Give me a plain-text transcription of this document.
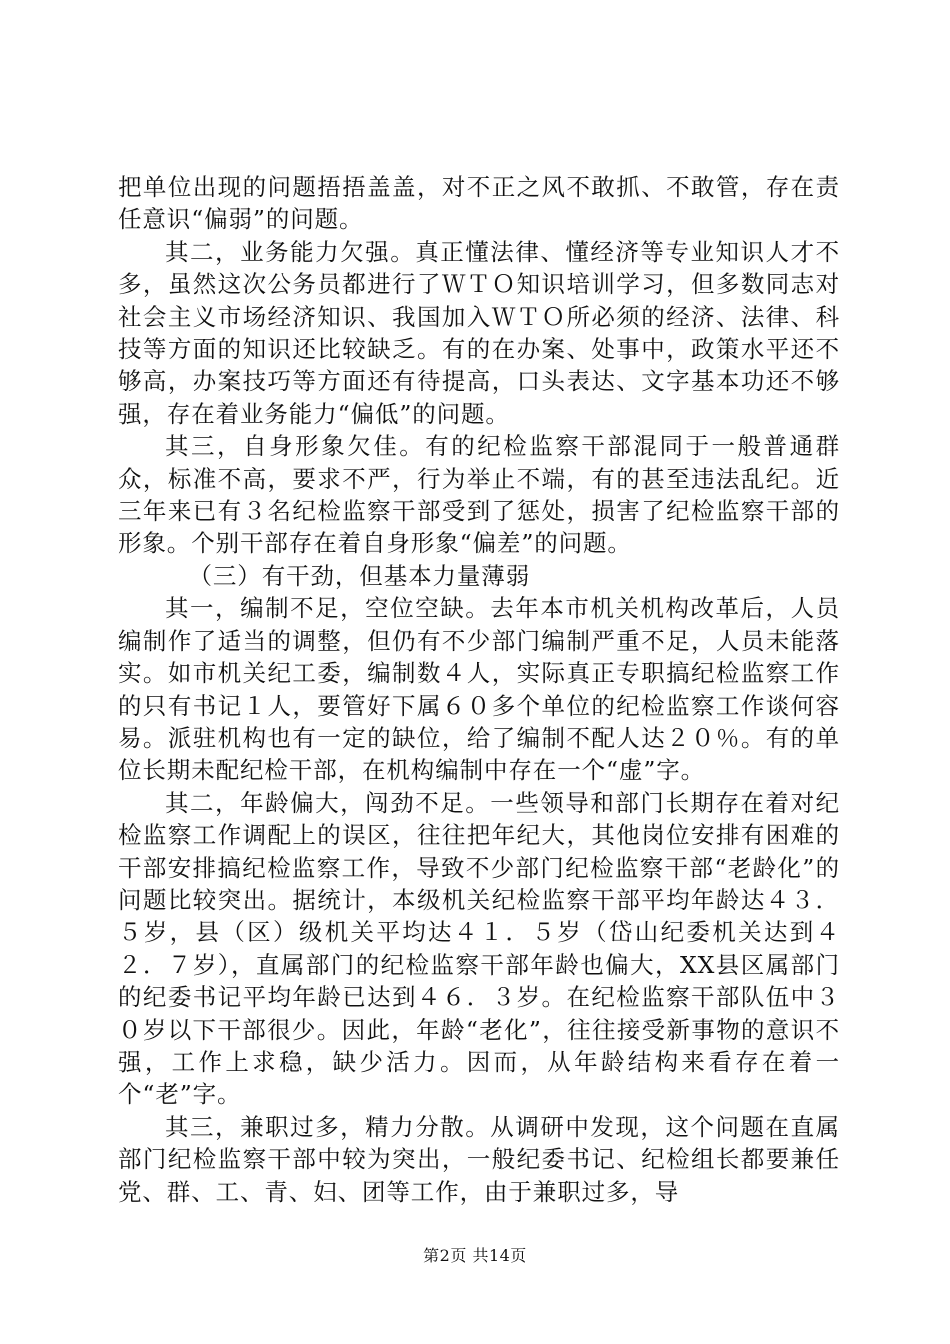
把单位出现的问题捂捂盖盖，对不正之风不敢抓、不敢管，存在责任意识“偏弱”的问题。

其二，业务能力欠强。真正懂法律、懂经济等专业知识人才不多，虽然这次公务员都进行了ＷＴＯ知识培训学习，但多数同志对社会主义市场经济知识、我国加入ＷＴＯ所必须的经济、法律、科技等方面的知识还比较缺乏。有的在办案、处事中，政策水平还不够高，办案技巧等方面还有待提高，口头表达、文字基本功还不够强，存在着业务能力“偏低”的问题。

其三，自身形象欠佳。有的纪检监察干部混同于一般普通群众，标准不高，要求不严，行为举止不端，有的甚至违法乱纪。近三年来已有３名纪检监察干部受到了惩处，损害了纪检监察干部的形象。个别干部存在着自身形象“偏差”的问题。

（三）有干劲，但基本力量薄弱

其一，编制不足，空位空缺。去年本市机关机构改革后，人员编制作了适当的调整，但仍有不少部门编制严重不足，人员未能落实。如市机关纪工委，编制数４人，实际真正专职搞纪检监察工作的只有书记１人，要管好下属６０多个单位的纪检监察工作谈何容易。派驻机构也有一定的缺位，给了编制不配人达２０％。有的单位长期未配纪检干部，在机构编制中存在一个“虚”字。

其二，年龄偏大，闯劲不足。一些领导和部门长期存在着对纪检监察工作调配上的误区，往往把年纪大，其他岗位安排有困难的干部安排搞纪检监察工作，导致不少部门纪检监察干部“老龄化”的问题比较突出。据统计，本级机关纪检监察干部平均年龄达４３．５岁，县（区）级机关平均达４１．５岁（岱山纪委机关达到４２．７岁），直属部门的纪检监察干部年龄也偏大，XX县区属部门的纪委书记平均年龄已达到４６．３岁。在纪检监察干部队伍中３０岁以下干部很少。因此，年龄“老化”，往往接受新事物的意识不强，工作上求稳，缺少活力。因而，从年龄结构来看存在着一个“老”字。

其三，兼职过多，精力分散。从调研中发现，这个问题在直属部门纪检监察干部中较为突出，一般纪委书记、纪检组长都要兼任党、群、工、青、妇、团等工作，由于兼职过多，导

第2页 共14页
